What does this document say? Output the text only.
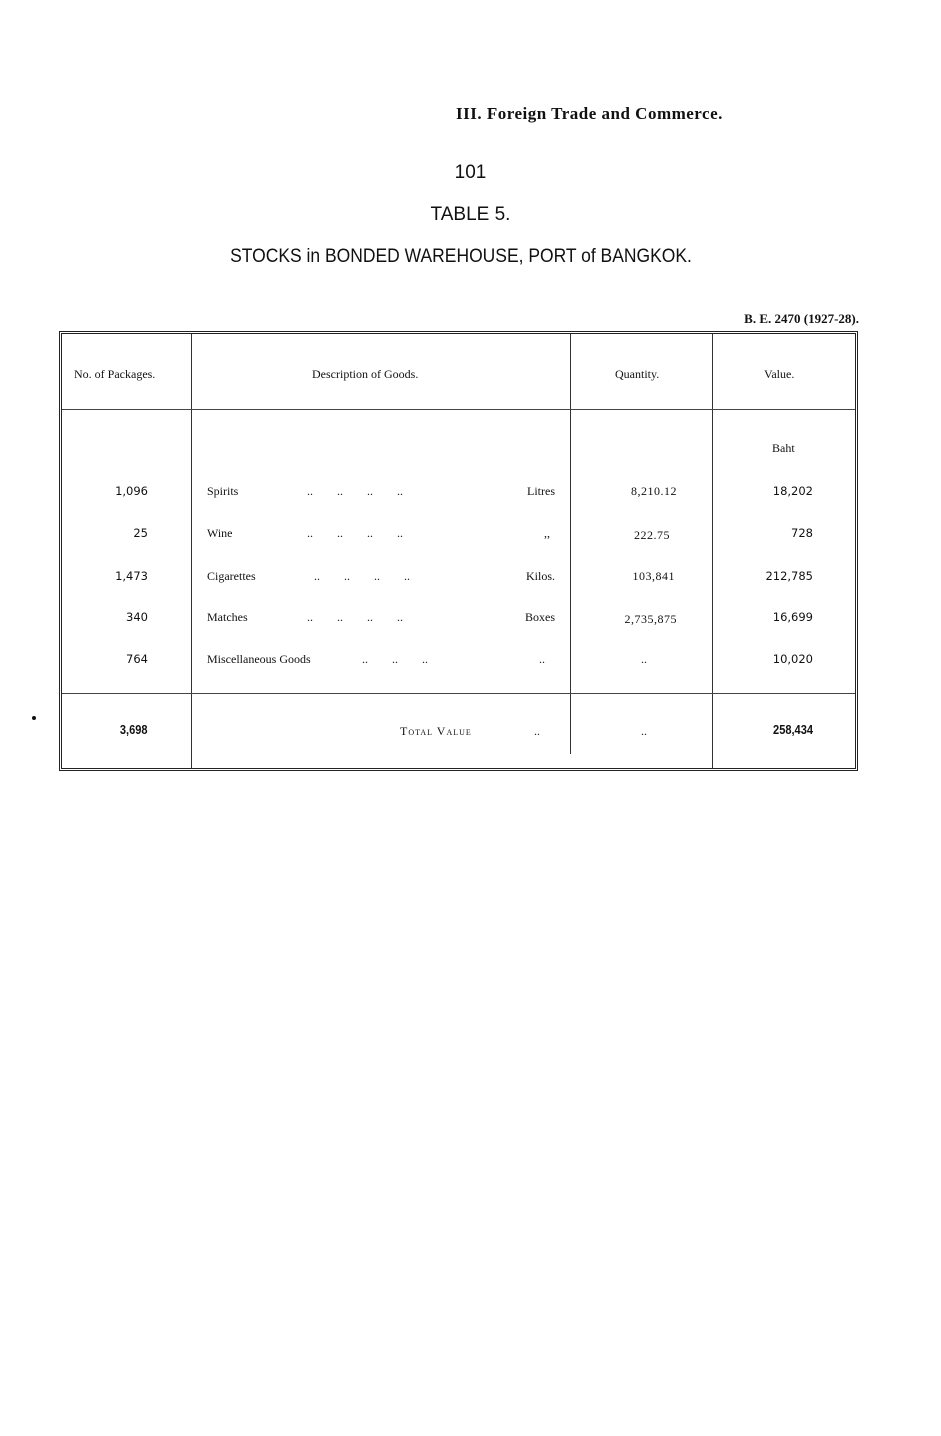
III. Foreign Trade and Commerce.
101
TABLE 5.
STOCKS in BONDED WAREHOUSE, PORT of BANGKOK.
B. E. 2470 (1927-28).
No. of Packages.	Description of Goods.	Quantity.	Value.
Baht
1,096	Spirits	..        ..        ..        ..	Litres	8,210.12	18,202
25	Wine	..        ..        ..        ..	,,	222.75	728
1,473	Cigarettes	..        ..        ..        ..	Kilos.	103,841	212,785
340	Matches	..        ..        ..        ..	Boxes	2,735,875	16,699
764	Miscellaneous Goods	..        ..        ..	..	..	10,020
3,698	Total Value	..	..	258,434
